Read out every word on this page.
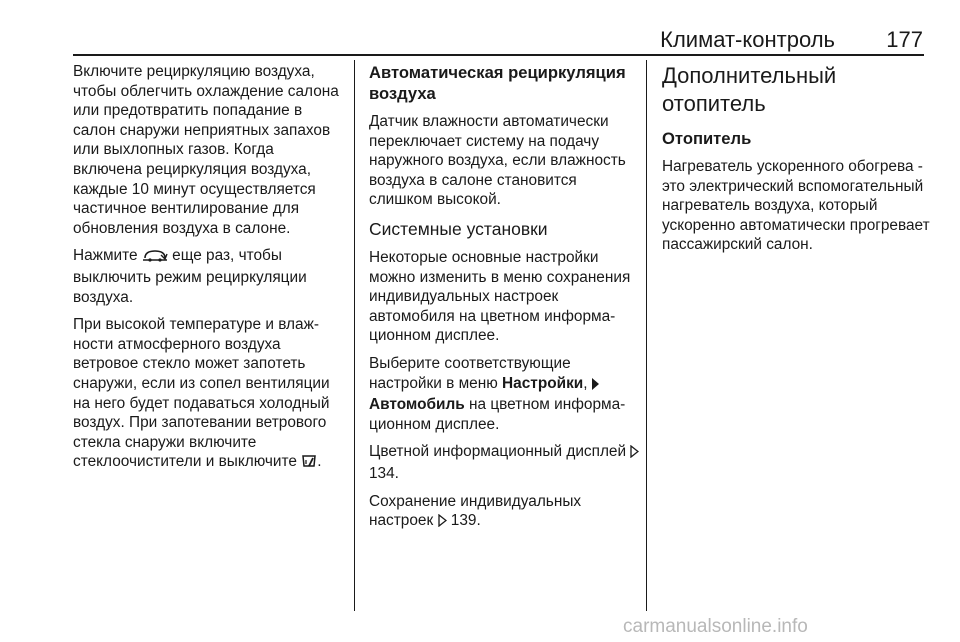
Климат-контроль 177

Включите рециркуляцию воздуха, чтобы облегчить охлаждение салона или предотвратить попадание в салон снаружи неприятных запахов или выхлопных газов. Когда включена рециркуляция воздуха, каждые 10 минут осуществляется частичное вентилирование для обновления воздуха в салоне.

Нажмите еще раз, чтобы выключить режим рециркуляции воздуха.

При высокой температуре и влажности атмосферного воздуха ветровое стекло может запотеть снаружи, если из сопел вентиляции на него будет подаваться холодный воздух. При запотевании ветрового стекла снаружи включите стеклоочистители и выключите .

Автоматическая рециркуляция воздуха

Датчик влажности автоматически переключает систему на подачу наружного воздуха, если влажность воздуха в салоне становится слишком высокой.

Системные установки

Некоторые основные настройки можно изменить в меню сохранения индивидуальных настроек автомобиля на цветном информационном дисплее.

Выберите соответствующие настройки в меню Настройки,  Автомобиль на цветном информационном дисплее.

Цветной информационный дисплей  134.

Сохранение индивидуальных настроек 139.

Дополнительный отопитель
Отопитель

Нагреватель ускоренного обогрева - это электрический вспомогательный нагреватель воздуха, который ускоренно автоматически прогревает пассажирский салон.

carmanualsonline.info
